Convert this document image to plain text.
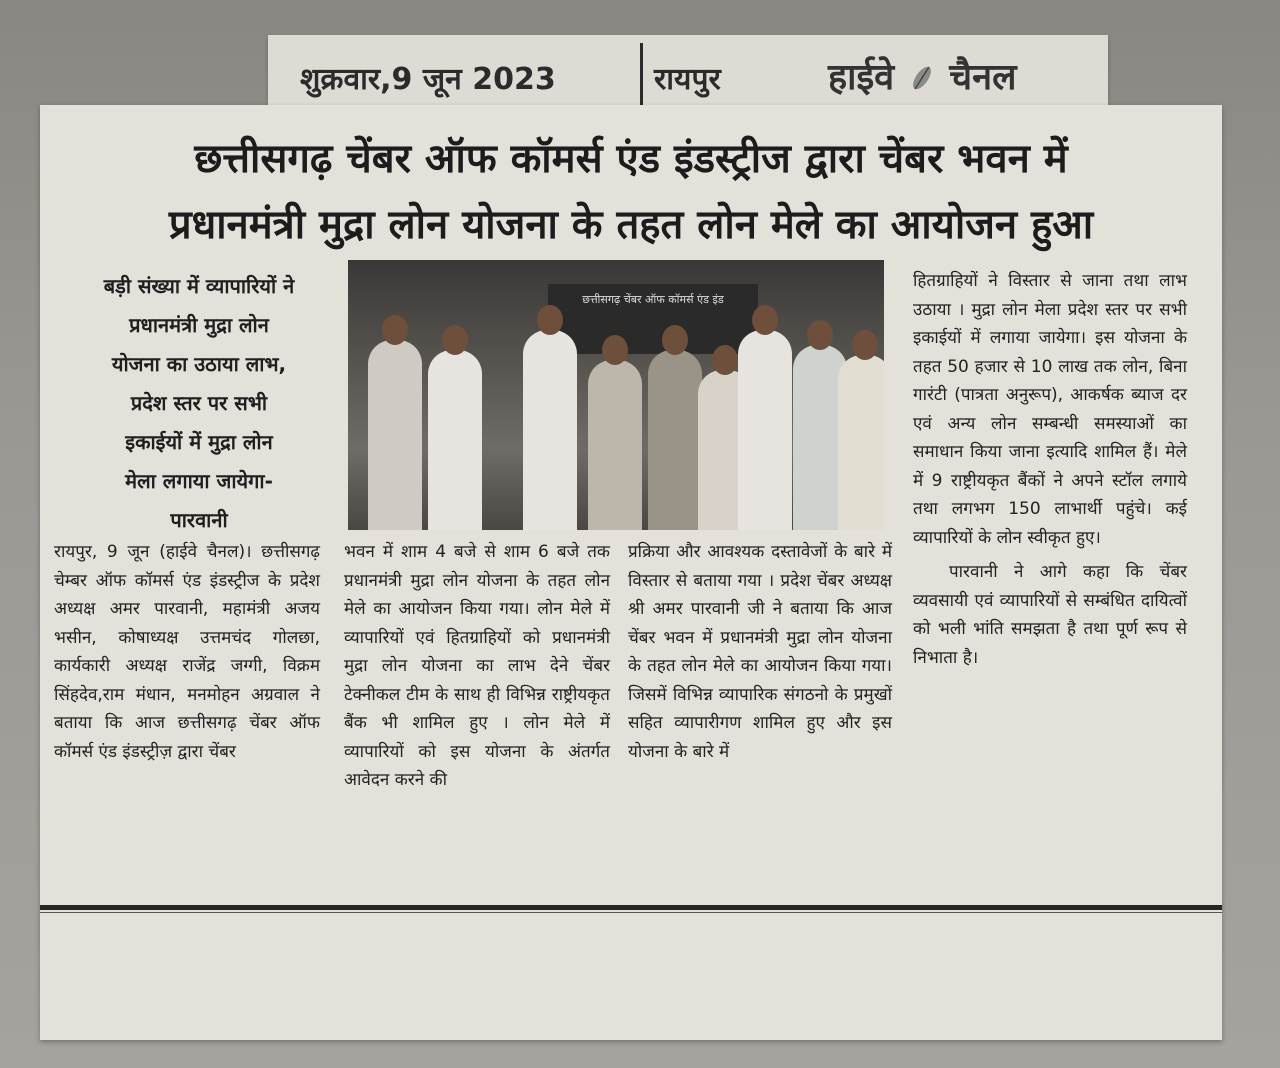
शुक्रवार,9 जून 2023	रायपुर	हाईवे चैनल
छत्तीसगढ़ चेंबर ऑफ कॉमर्स एंड इंडस्ट्रीज द्वारा चेंबर भवन में
प्रधानमंत्री मुद्रा लोन योजना के तहत लोन मेले का आयोजन हुआ

बड़ी संख्या में व्यापारियों ने

प्रधानमंत्री मुद्रा लोन

योजना का उठाया लाभ,

प्रदेश स्तर पर सभी

इकाईयों में मुद्रा लोन

मेला लगाया जायेगा-

पारवानी

छत्तीसगढ़ चेंबर ऑफ कॉमर्स एंड इंड

रायपुर, 9 जून (हाईवे चैनल)। छत्तीसगढ़ चेम्बर ऑफ कॉमर्स एंड इंडस्ट्रीज के प्रदेश अध्यक्ष अमर पारवानी, महामंत्री अजय भसीन, कोषाध्यक्ष उत्तमचंद गोलछा, कार्यकारी अध्यक्ष राजेंद्र जग्गी, विक्रम सिंहदेव,राम मंधान, मनमोहन अग्रवाल ने बताया कि आज छत्तीसगढ़ चेंबर ऑफ कॉमर्स एंड इंडस्ट्रीज़ द्वारा चेंबर

भवन में शाम 4 बजे से शाम 6 बजे तक प्रधानमंत्री मुद्रा लोन योजना के तहत लोन मेले का आयोजन किया गया। लोन मेले में व्यापारियों एवं हितग्राहियों को प्रधानमंत्री मुद्रा लोन योजना का लाभ देने चेंबर टेक्नीकल टीम के साथ ही विभिन्न राष्ट्रीयकृत बैंक भी शामिल हुए । लोन मेले में व्यापारियों को इस योजना के अंतर्गत आवेदन करने की

प्रक्रिया और आवश्यक दस्तावेजों के बारे में विस्तार से बताया गया । प्रदेश चेंबर अध्यक्ष श्री अमर पारवानी जी ने बताया कि आज चेंबर भवन में प्रधानमंत्री मुद्रा लोन योजना के तहत लोन मेले का आयोजन किया गया। जिसमें विभिन्न व्यापारिक संगठनो के प्रमुखों सहित व्यापारीगण शामिल हुए और इस योजना के बारे में

हितग्राहियों ने विस्तार से जाना तथा लाभ उठाया । मुद्रा लोन मेला प्रदेश स्तर पर सभी इकाईयों में लगाया जायेगा। इस योजना के तहत 50 हजार से 10 लाख तक लोन, बिना गारंटी (पात्रता अनुरूप), आकर्षक ब्याज दर एवं अन्य लोन सम्बन्धी समस्याओं का समाधान किया जाना इत्यादि शामिल हैं। मेले में 9 राष्ट्रीयकृत बैंकों ने अपने स्टॉल लगाये तथा लगभग 150 लाभार्थी पहुंचे। कई व्यापारियों के लोन स्वीकृत हुए।

पारवानी ने आगे कहा कि चेंबर व्यवसायी एवं व्यापारियों से सम्बंधित दायित्वों को भली भांति समझता है तथा पूर्ण रूप से निभाता है।
